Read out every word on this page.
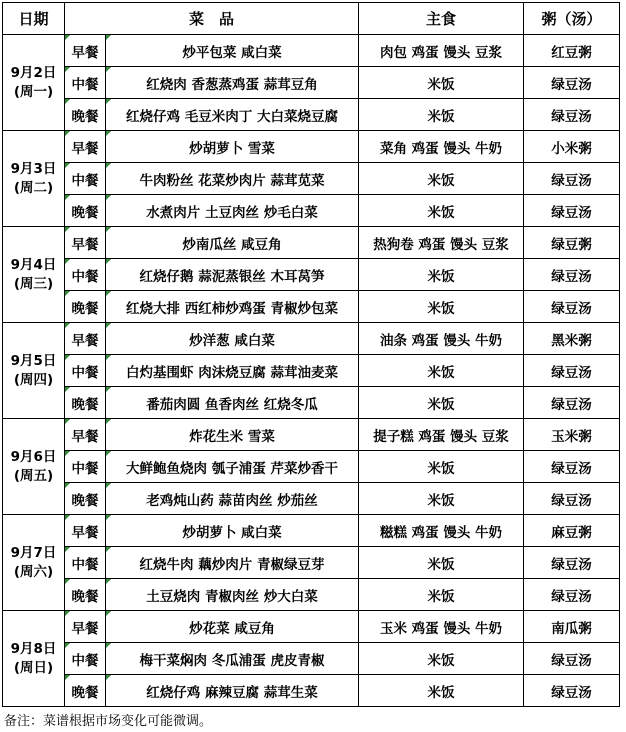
日期	菜　品		主食	粥（汤）

9月2日
(周一)	早餐	炒平包菜 咸白菜	肉包 鸡蛋 馒头 豆浆	红豆粥
	中餐	红烧肉 香葱蒸鸡蛋 蒜茸豆角	米饭	绿豆汤
	晚餐	红烧仔鸡 毛豆米肉丁 大白菜烧豆腐	米饭	绿豆汤

9月3日
(周二)	早餐	炒胡萝卜 雪菜	菜角 鸡蛋 馒头 牛奶	小米粥
	中餐	牛肉粉丝 花菜炒肉片 蒜茸苋菜	米饭	绿豆汤
	晚餐	水煮肉片 土豆肉丝 炒毛白菜	米饭	绿豆汤

9月4日
(周三)	早餐	炒南瓜丝 咸豆角	热狗卷 鸡蛋 馒头 豆浆	绿豆粥
	中餐	红烧仔鹅 蒜泥蒸银丝 木耳莴笋	米饭	绿豆汤
	晚餐	红烧大排 西红柿炒鸡蛋 青椒炒包菜	米饭	绿豆汤

9月5日
(周四)	早餐	炒洋葱 咸白菜	油条 鸡蛋 馒头 牛奶	黑米粥
	中餐	白灼基围虾 肉沫烧豆腐 蒜茸油麦菜	米饭	绿豆汤
	晚餐	番茄肉圆 鱼香肉丝 红烧冬瓜	米饭	绿豆汤

9月6日
(周五)	早餐	炸花生米 雪菜	提子糕 鸡蛋 馒头 豆浆	玉米粥
	中餐	大鲜鲍鱼烧肉 瓠子浦蛋 芹菜炒香干	米饭	绿豆汤
	晚餐	老鸡炖山药 蒜苗肉丝 炒茄丝	米饭	绿豆汤

9月7日
(周六)	早餐	炒胡萝卜 咸白菜	糍糕 鸡蛋 馒头 牛奶	麻豆粥
	中餐	红烧牛肉 藕炒肉片 青椒绿豆芽	米饭	绿豆汤
	晚餐	土豆烧肉 青椒肉丝 炒大白菜	米饭	绿豆汤

9月8日
(周日)	早餐	炒花菜 咸豆角	玉米 鸡蛋 馒头 牛奶	南瓜粥
	中餐	梅干菜焖肉 冬瓜浦蛋 虎皮青椒	米饭	绿豆汤
	晚餐	红烧仔鸡 麻辣豆腐 蒜茸生菜	米饭	绿豆汤
备注：菜谱根据市场变化可能微调。
